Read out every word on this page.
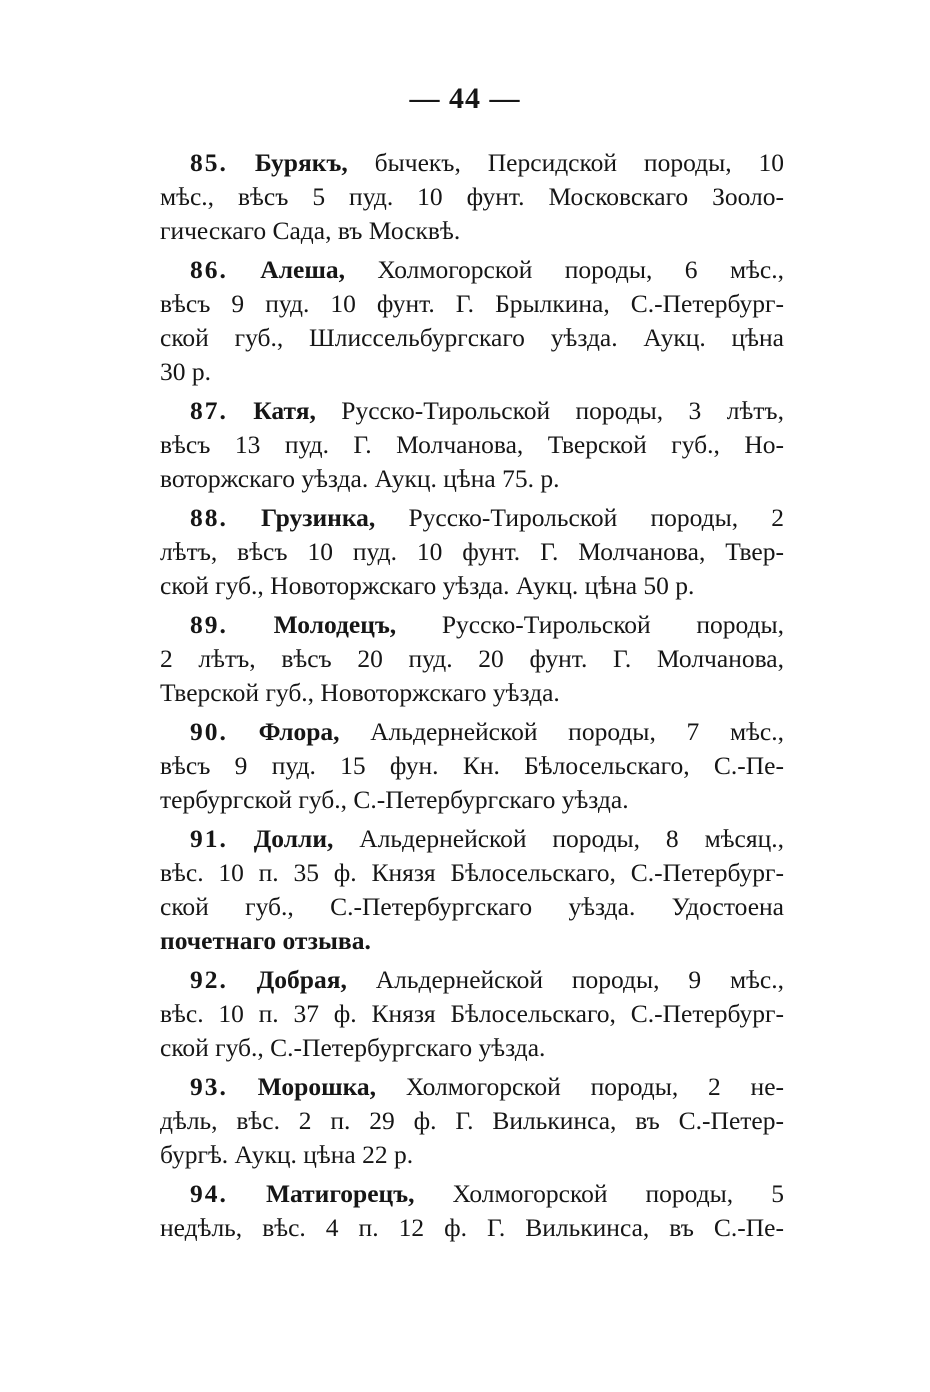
— 44 —
85. Бурякъ, бычекъ, Персидской породы, 10
мѣс., вѣсъ 5 пуд. 10 фунт. Московскаго Зооло-
гическаго Сада, въ Москвѣ.
86. Алеша, Холмогорской породы, 6 мѣс.,
вѣсъ 9 пуд. 10 фунт. Г. Брылкина, С.-Петербург-
ской губ., Шлиссельбургскаго уѣзда. Аукц. цѣна
30 р.
87. Катя, Русско-Тирольской породы, 3 лѣтъ,
вѣсъ 13 пуд. Г. Молчанова, Тверской губ., Но-
воторжскаго уѣзда. Аукц. цѣна 75. р.
88. Грузинка, Русско-Тирольской породы, 2
лѣтъ, вѣсъ 10 пуд. 10 фунт. Г. Молчанова, Твер-
ской губ., Новоторжскаго уѣзда. Аукц. цѣна 50 р.
89. Молодецъ, Русско-Тирольской породы,
2 лѣтъ, вѣсъ 20 пуд. 20 фунт. Г. Молчанова,
Тверской губ., Новоторжскаго уѣзда.
90. Флора, Альдернейской породы, 7 мѣс.,
вѣсъ 9 пуд. 15 фун. Кн. Бѣлосельскаго, С.-Пе-
тербургской губ., С.-Петербургскаго уѣзда.
91. Долли, Альдернейской породы, 8 мѣсяц.,
вѣс. 10 п. 35 ф. Князя Бѣлосельскаго, С.-Петербург-
ской губ., С.-Петербургскаго уѣзда. Удостоена
почетнаго отзыва.
92. Добрая, Альдернейской породы, 9 мѣс.,
вѣс. 10 п. 37 ф. Князя Бѣлосельскаго, С.-Петербург-
ской губ., С.-Петербургскаго уѣзда.
93. Морошка, Холмогорской породы, 2 не-
дѣль, вѣс. 2 п. 29 ф. Г. Вилькинса, въ С.-Петер-
бургѣ. Аукц. цѣна 22 р.
94. Матигорецъ, Холмогорской породы, 5
недѣль, вѣс. 4 п. 12 ф. Г. Вилькинса, въ С.-Пе-
